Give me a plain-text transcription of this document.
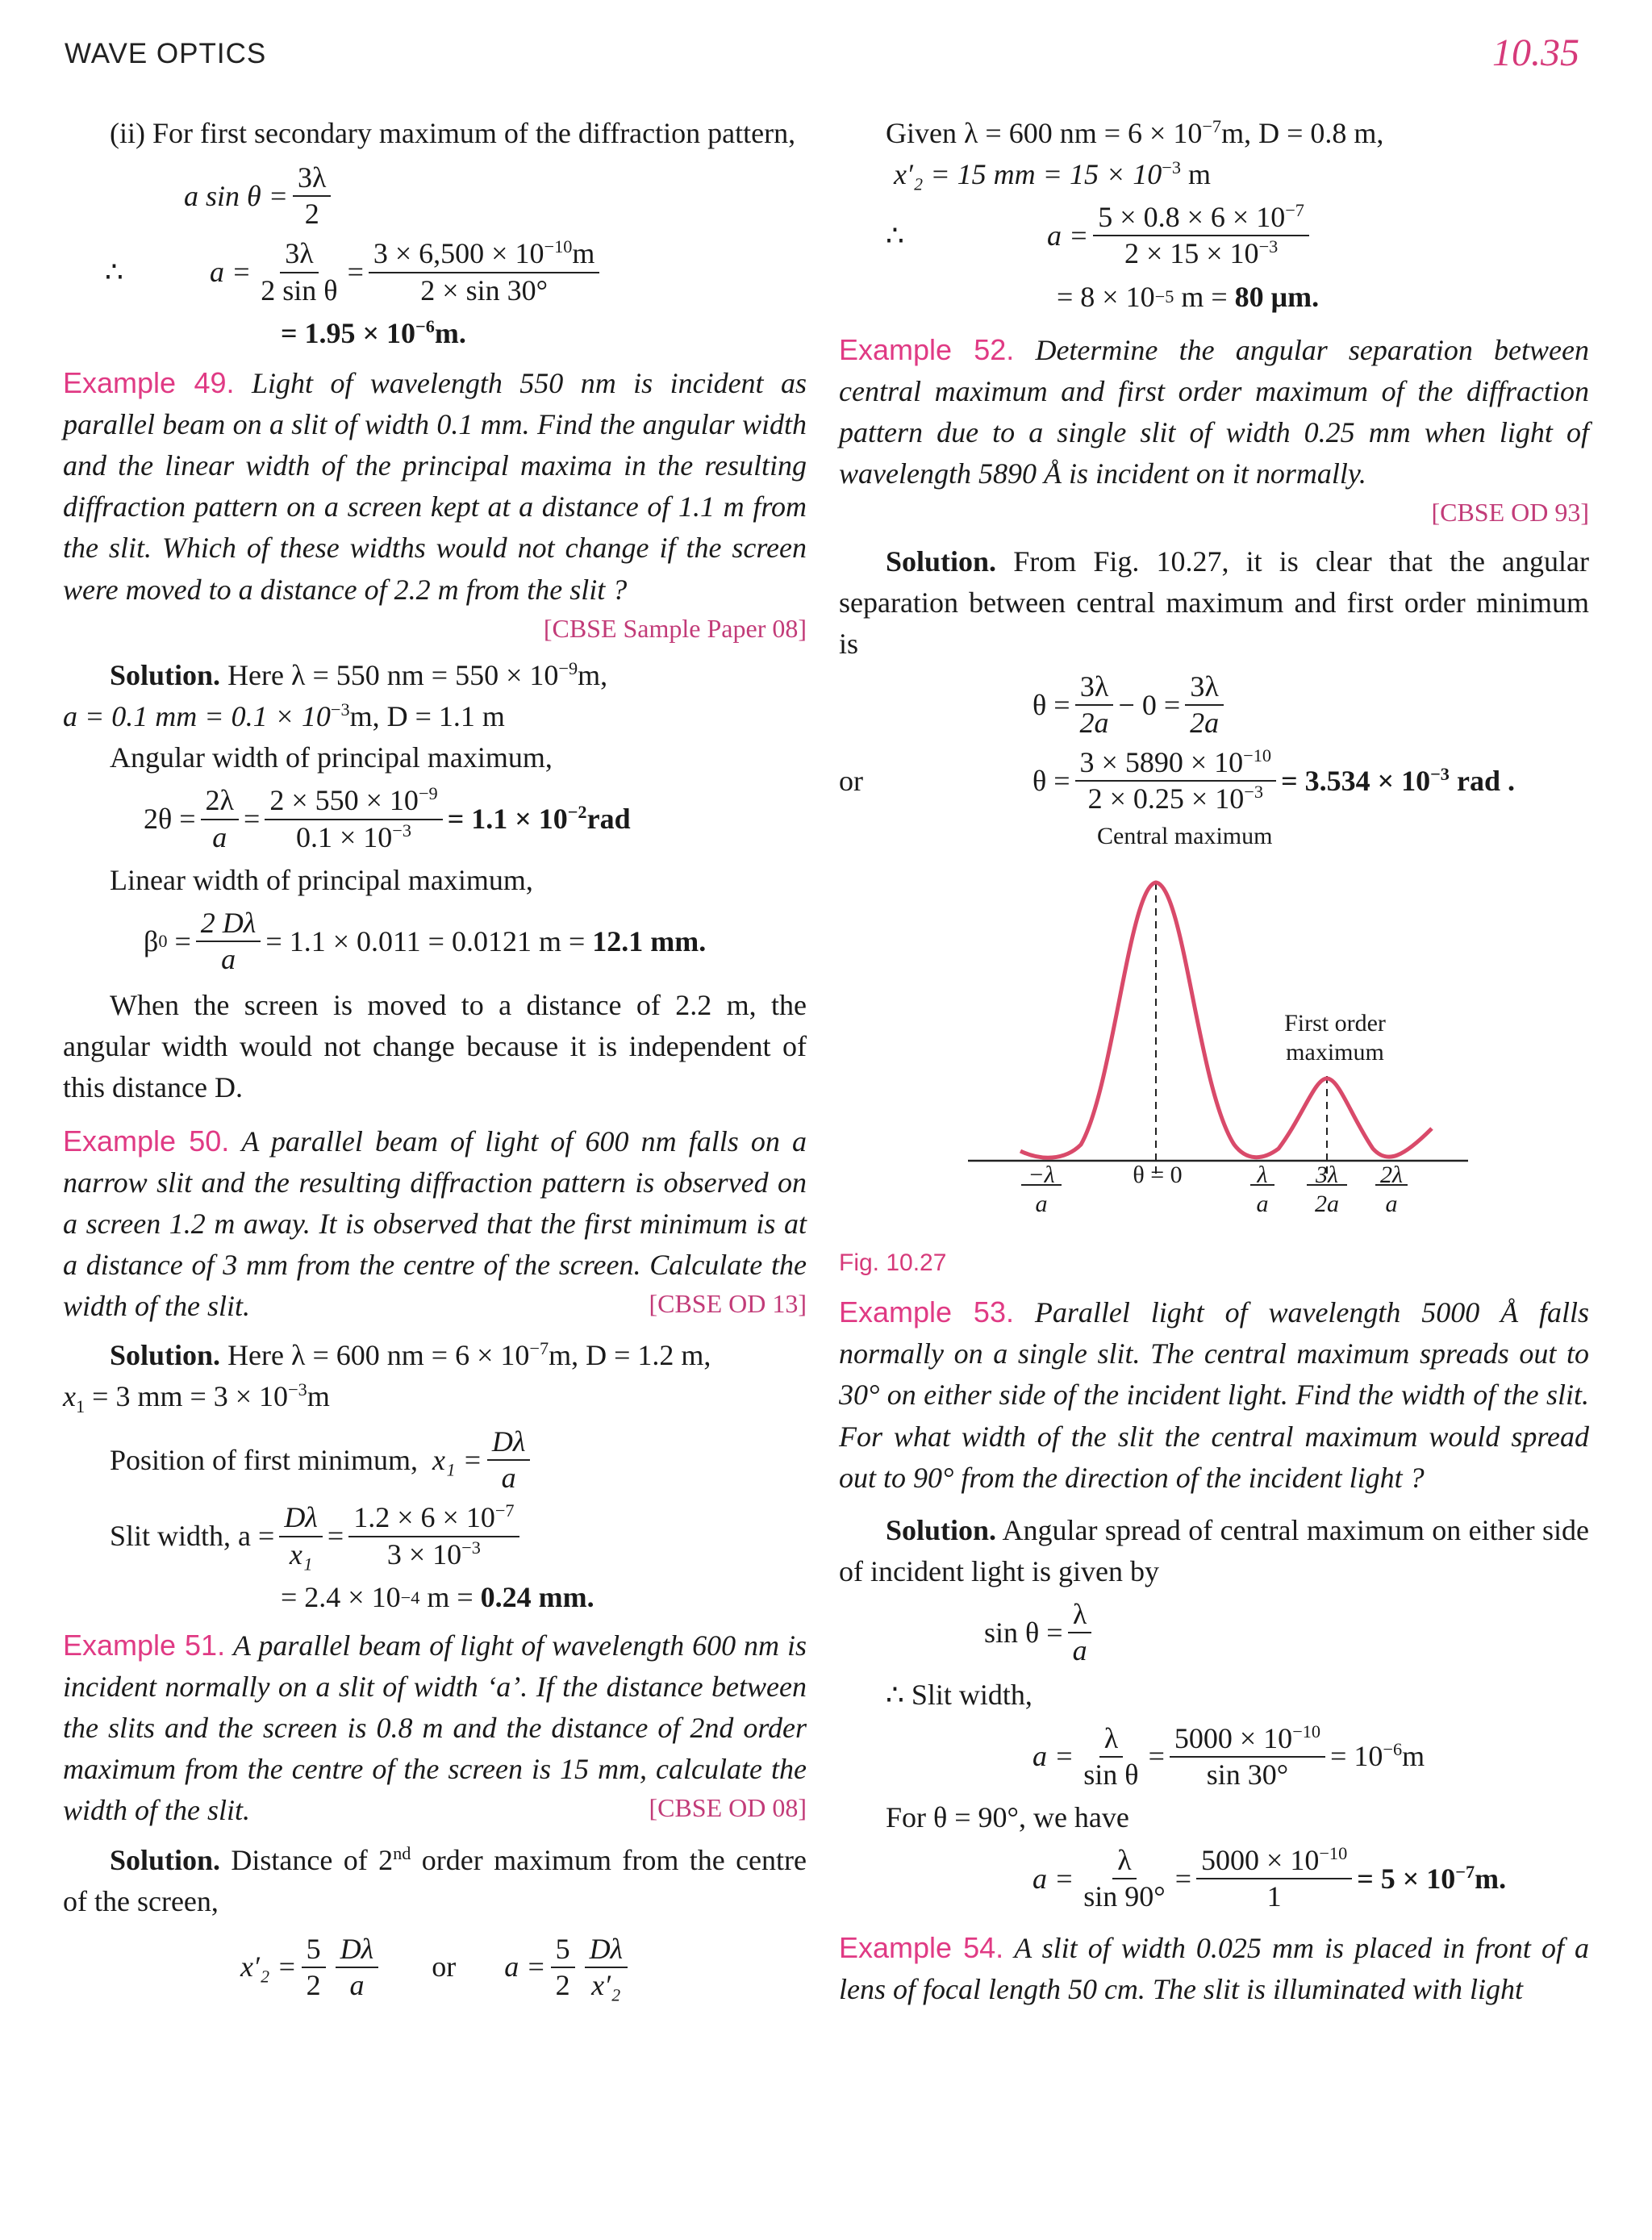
WAVE OPTICS	10.35

(ii) For first secondary maximum of the diffraction pattern,

a $\sin \theta = \frac{3\lambda}{2}$
∴	$a = \frac{3\lambda}{\text{2 sin θ}} = \frac{3 \times 6,500 \times 10^{-10}m}{2 \times \sin 30^\circ}$
= $1.95 \times 10^{-6}m$.

Example 49. Light of wavelength 550 nm is incident as parallel beam on a slit of width 0.1 mm. Find the angular width and the linear width of the principal maxima in the resulting diffraction pattern on a screen kept at a distance of 1.1 m from the slit. Which of these widths would not change if the screen were moved to a distance of 2.2 m from the slit ?

[CBSE Sample Paper 08]

Solution. Here λ = 550 nm = $550 \times 10^{-9}m$,

a = 0.1 mm = $0.1 \times 10^{-3}m$, D = 1.1 m

Angular width of principal maximum,

$2\theta = \frac{2\lambda}{a} = \frac{2 \times 550 \times 10^{-9}}{0.1 \times 10^{-3}} = 1.1 \times 10^{-2}rad$

Linear width of principal maximum,

β $0 = \frac{2 D\lambda}{a} = 1.1 \times 0.011 = 0.0121$ m =
12.1 mm.

When the screen is moved to a distance of 2.2 m, the angular width would not change because it is independent of this distance D.

Example 50. A parallel beam of light of 600 nm falls on a narrow slit and the resulting diffraction pattern is observed on a screen 1.2 m away. It is observed that the first minimum is at a distance of 3 mm from the centre of the screen. Calculate the width of the slit.	[CBSE OD 13]

Solution. Here λ = 600 nm = $6 \times 10^{-7}m$, D = 1.2 m,

$x_1 = 3$ mm = $3 \times 10^{-3}m$

Position of first minimum,
$x_1 = \frac{D\lambda}{a}$
Slit width, $a = \frac{D\lambda}{\text{x₁}} = \frac{1.2 \times 6 \times 10^{-7}}{3 \times 10^{-3}}$
= 2.4 × 10 −4
m =
0.24 mm.

Example 51. A parallel beam of light of wavelength 600 nm is incident normally on a slit of width ‘a’. If the distance between the slits and the screen is 0.8 m and the distance of 2nd order maximum from the centre of the screen is 15 mm, calculate the width of the slit.	[CBSE OD 08]

Solution. Distance of 2nd order maximum from the centre of the screen,

$x'_2 = \frac{5}{2} \frac{D\lambda}{a}$ or $a = \frac{5}{2} \frac{D\lambda}{\text{x′₂}}$

Given λ = 600 nm = $6 \times 10^{-7}m$, D = 0.8 m,

x′₂ = 15 mm = $15 \times 10^{-3}$ m

∴	$a = \frac{5 \times 0.8 \times 6 \times 10^{-7}}{2 \times 15 \times 10^{-3}}$
= 8 × 10 −5
m =
80 μm.

Example 52. Determine the angular separation between central maximum and first order maximum of the diffraction pattern due to a single slit of width 0.25 mm when light of wavelength 5890 Å is incident on it normally.

[CBSE OD 93]

Solution. From Fig. 10.27, it is clear that the angular separation between central maximum and first order minimum is

$\theta = \frac{3\lambda}{2a} - 0 = \frac{3\lambda}{2a}$
or	$\theta = \frac{3 \times 5890 \times 10^{-10}}{2 \times 0.25 \times 10^{-3}} = 3.534 \times 10^{-3}$ rad .
Central maximum
First order maximum
−λ
a
θ = 0	λ
a
3λ
2a
2λ
a
Fig. 10.27

Example 53. Parallel light of wavelength 5000 Å falls normally on a single slit. The central maximum spreads out to 30° on either side of the incident light. Find the width of the slit. For what width of the slit the central maximum would spread out to 90° from the direction of the incident light ?

Solution. Angular spread of central maximum on either side of incident light is given by

$\sin \theta = \frac{\lambda}{a}$

∴ Slit width,

$a = \frac{\lambda}{\text{sin θ}} = \frac{5000 \times 10^{-10}}{\sin 30^\circ} = 10^{-6}m$

For θ = 90°, we have

$a = \frac{\lambda}{\sin 90^\circ} = \frac{5000 \times 10^{-10}}{1} = 5 \times 10^{-7}m$.

Example 54. A slit of width 0.025 mm is placed in front of a lens of focal length 50 cm. The slit is illuminated with light
